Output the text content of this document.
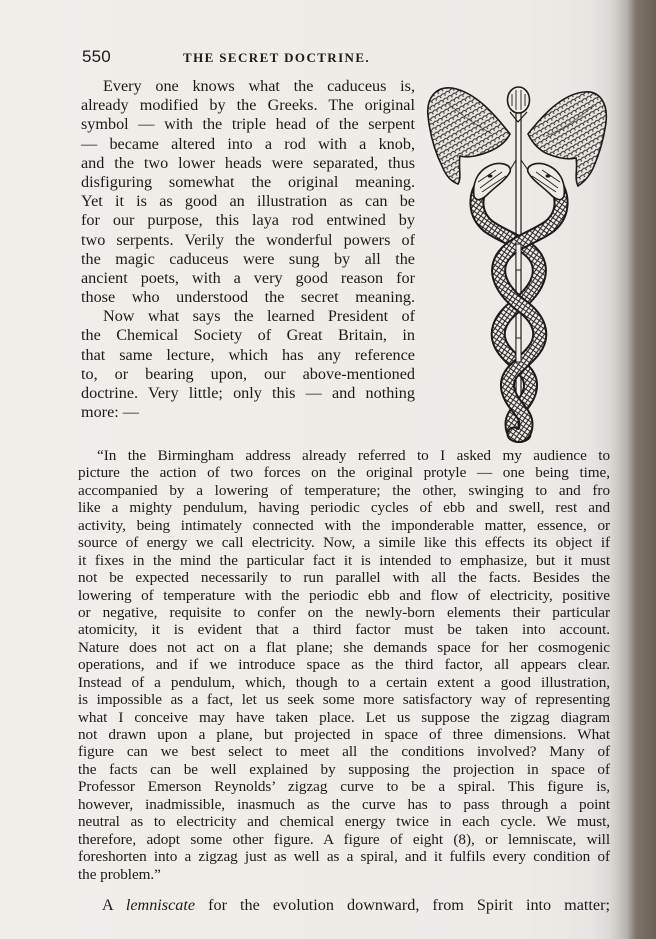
550	THE SECRET DOCTRINE.
Every one knows what the caduceus is,
already modified by the Greeks. The original
symbol — with the triple head of the serpent
— became altered into a rod with a knob,
and the two lower heads were separated, thus
disfiguring somewhat the original meaning.
Yet it is as good an illustration as can be
for our purpose, this laya rod entwined by
two serpents. Verily the wonderful powers of
the magic caduceus were sung by all the
ancient poets, with a very good reason for
those who understood the secret meaning.
Now what says the learned President of
the Chemical Society of Great Britain, in
that same lecture, which has any reference
to, or bearing upon, our above-mentioned
doctrine. Very little; only this — and nothing
more: —
“In the Birmingham address already referred to I asked my audience to
picture the action of two forces on the original protyle — one being time,
accompanied by a lowering of temperature; the other, swinging to and fro
like a mighty pendulum, having periodic cycles of ebb and swell, rest and
activity, being intimately connected with the imponderable matter, essence, or
source of energy we call electricity. Now, a simile like this effects its object if
it fixes in the mind the particular fact it is intended to emphasize, but it must
not be expected necessarily to run parallel with all the facts. Besides the
lowering of temperature with the periodic ebb and flow of electricity, positive
or negative, requisite to confer on the newly-born elements their particular
atomicity, it is evident that a third factor must be taken into account.
Nature does not act on a flat plane; she demands space for her cosmogenic
operations, and if we introduce space as the third factor, all appears clear.
Instead of a pendulum, which, though to a certain extent a good illustration,
is impossible as a fact, let us seek some more satisfactory way of representing
what I conceive may have taken place. Let us suppose the zigzag diagram
not drawn upon a plane, but projected in space of three dimensions. What
figure can we best select to meet all the conditions involved? Many of
the facts can be well explained by supposing the projection in space of
Professor Emerson Reynolds’ zigzag curve to be a spiral. This figure is,
however, inadmissible, inasmuch as the curve has to pass through a point
neutral as to electricity and chemical energy twice in each cycle. We must,
therefore, adopt some other figure. A figure of eight (8), or lemniscate, will
foreshorten into a zigzag just as well as a spiral, and it fulfils every condition of
the problem.”
A lemniscate for the evolution downward, from Spirit into matter;
